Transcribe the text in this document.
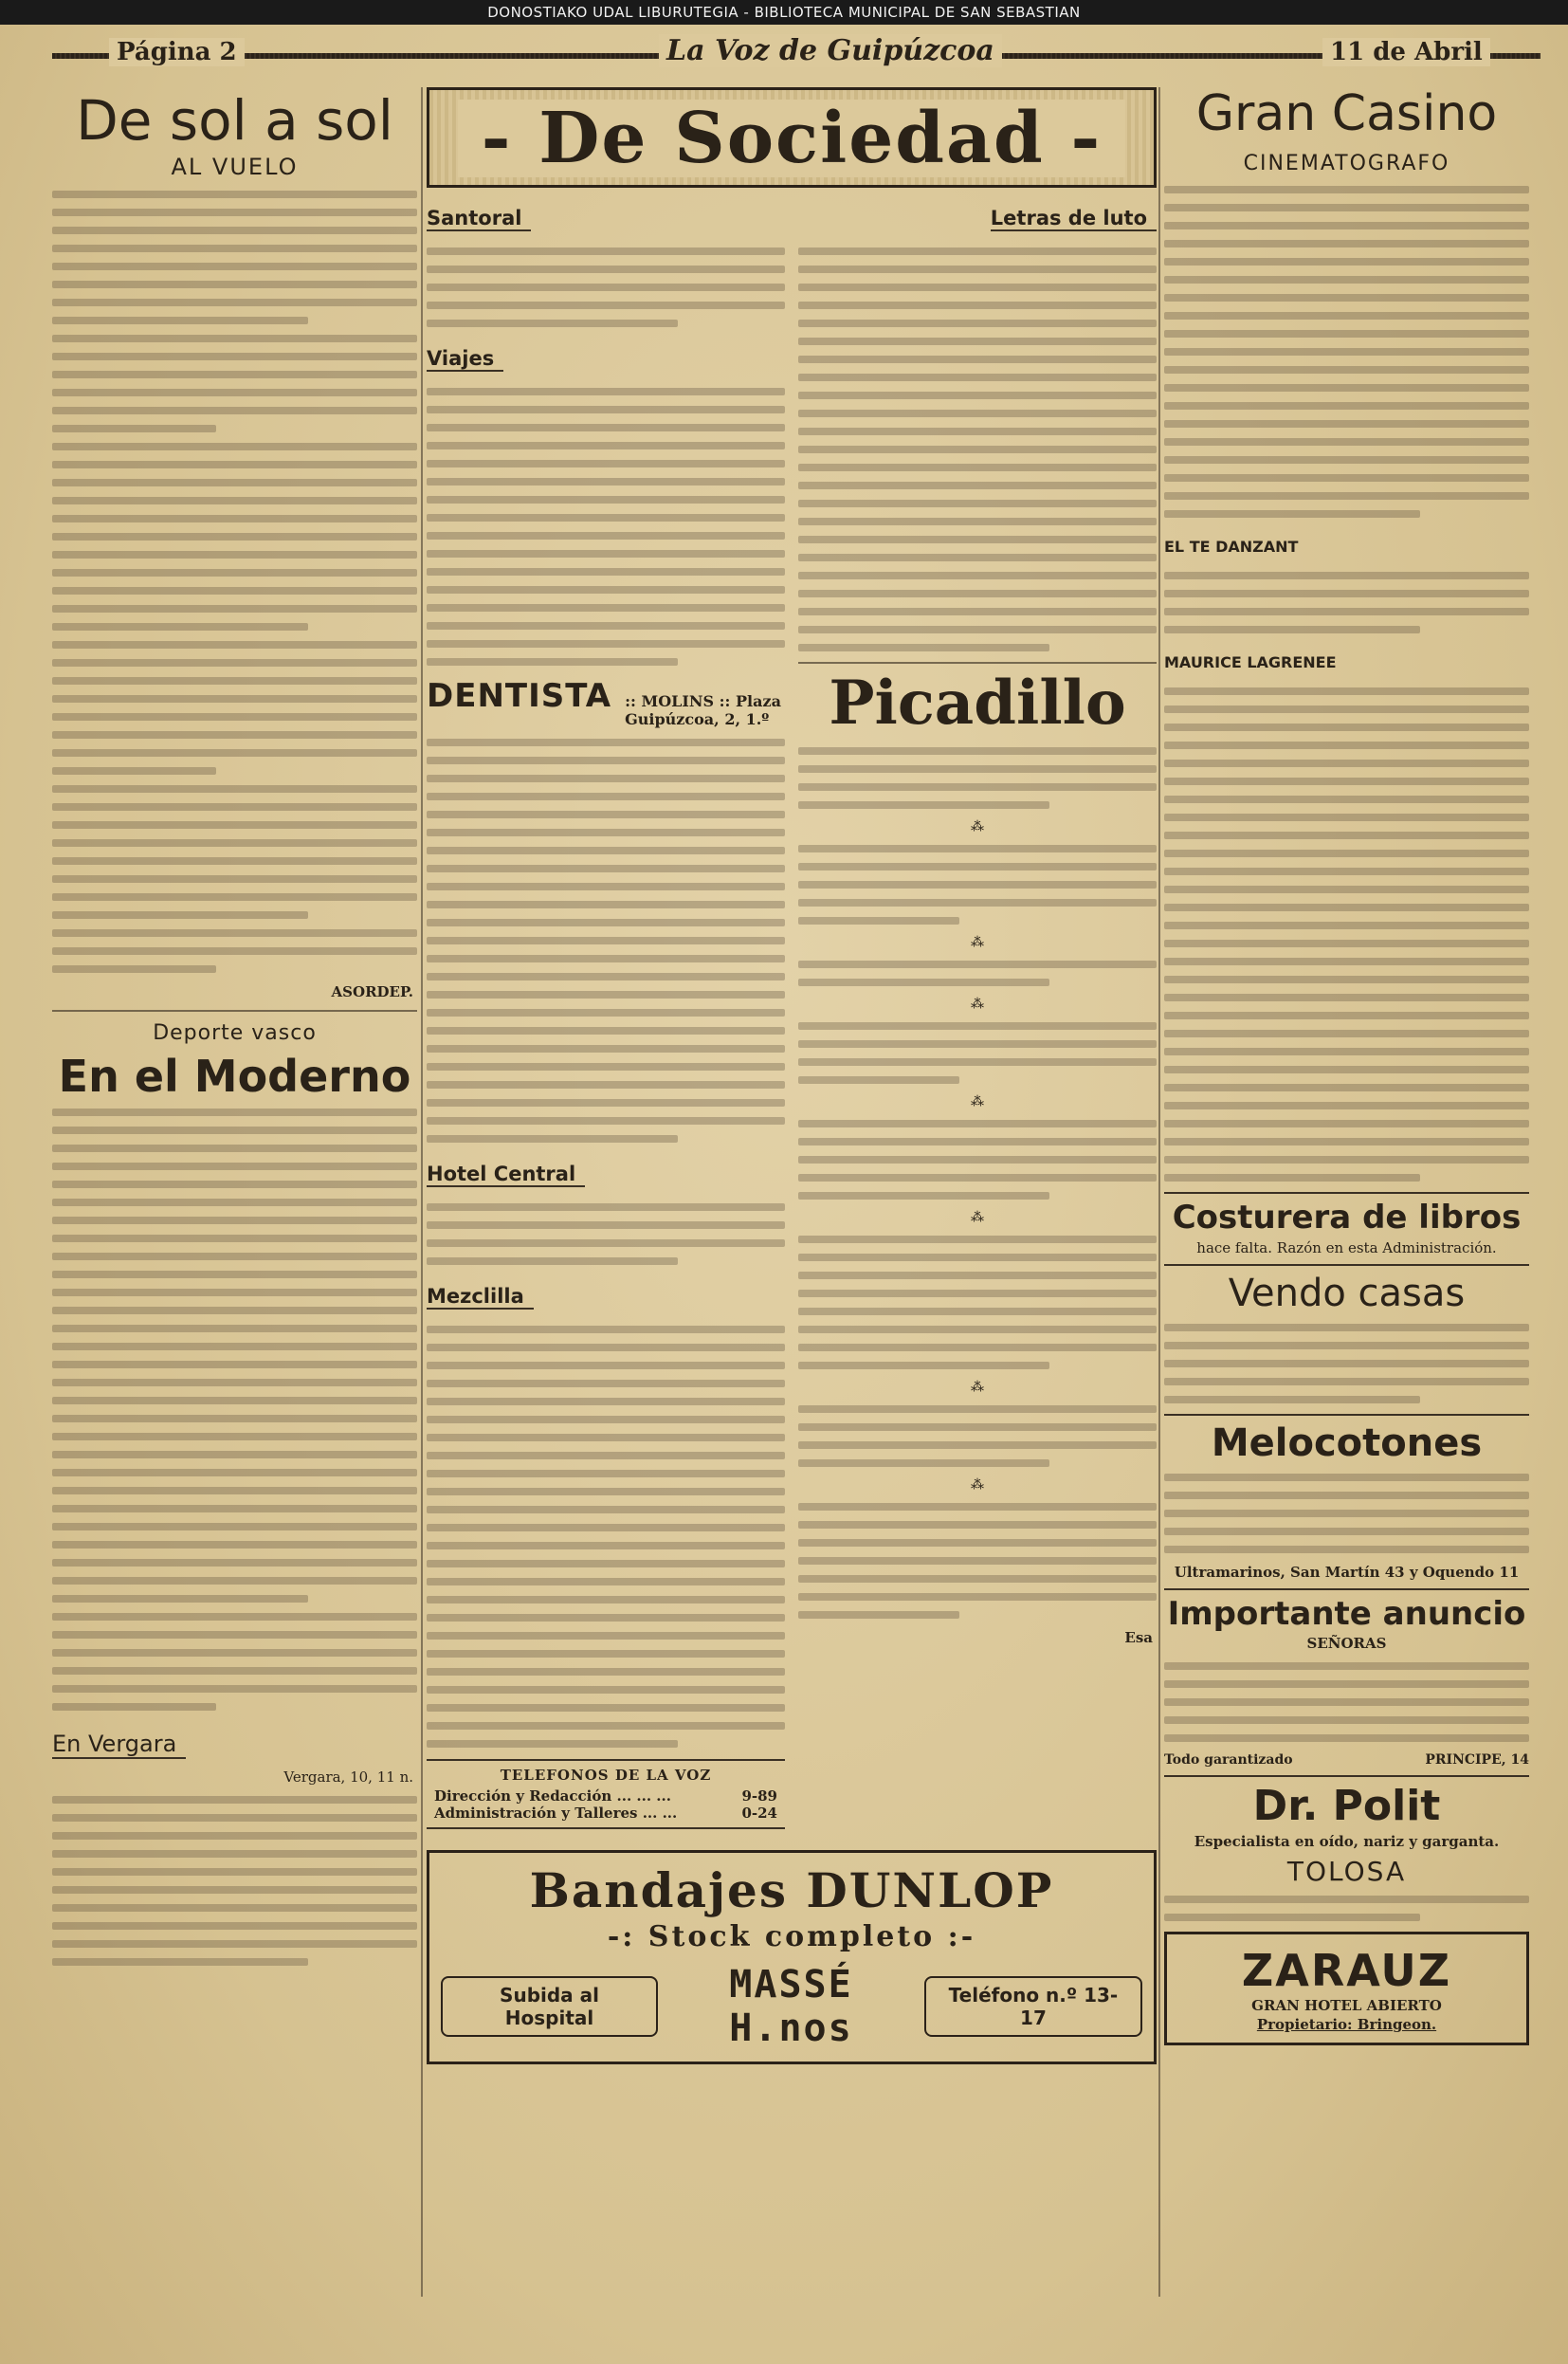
DONOSTIAKO UDAL LIBURUTEGIA - BIBLIOTECA MUNICIPAL DE SAN SEBASTIAN
Página 2	La Voz de Guipúzcoa	11 de Abril
De sol a sol
AL VUELO
ASORDEP.
Deporte vasco
En el Moderno
En Vergara
Vergara, 10, 11 n.
- De Sociedad -
Santoral
Viajes
DENTISTA :: MOLINS :: Plaza Guipúzcoa, 2, 1.º
Hotel Central
Mezclilla
TELEFONOS DE LA VOZ
Dirección y Redacción ... ... ...	9-89
Administración y Talleres ... ...	0-24
Letras de luto
Picadillo
⁂
⁂
⁂
⁂
⁂
⁂
⁂
Esa
Bandajes DUNLOP
-: Stock completo :-
Subida al Hospital
MASSÉ H.nos
Teléfono n.º 13-17
Gran Casino
CINEMATOGRAFO
EL TE DANZANT
MAURICE LAGRENEE
Costurera de libros
hace falta. Razón en esta Administración.
Vendo casas
Melocotones
Ultramarinos, San Martín 43 y Oquendo 11
Importante anuncio
SEÑORAS
Todo garantizado	PRINCIPE, 14
Dr. Polit
Especialista en oído, nariz y garganta.
TOLOSA
ZARAUZ
GRAN HOTEL ABIERTO
Propietario: Bringeon.
